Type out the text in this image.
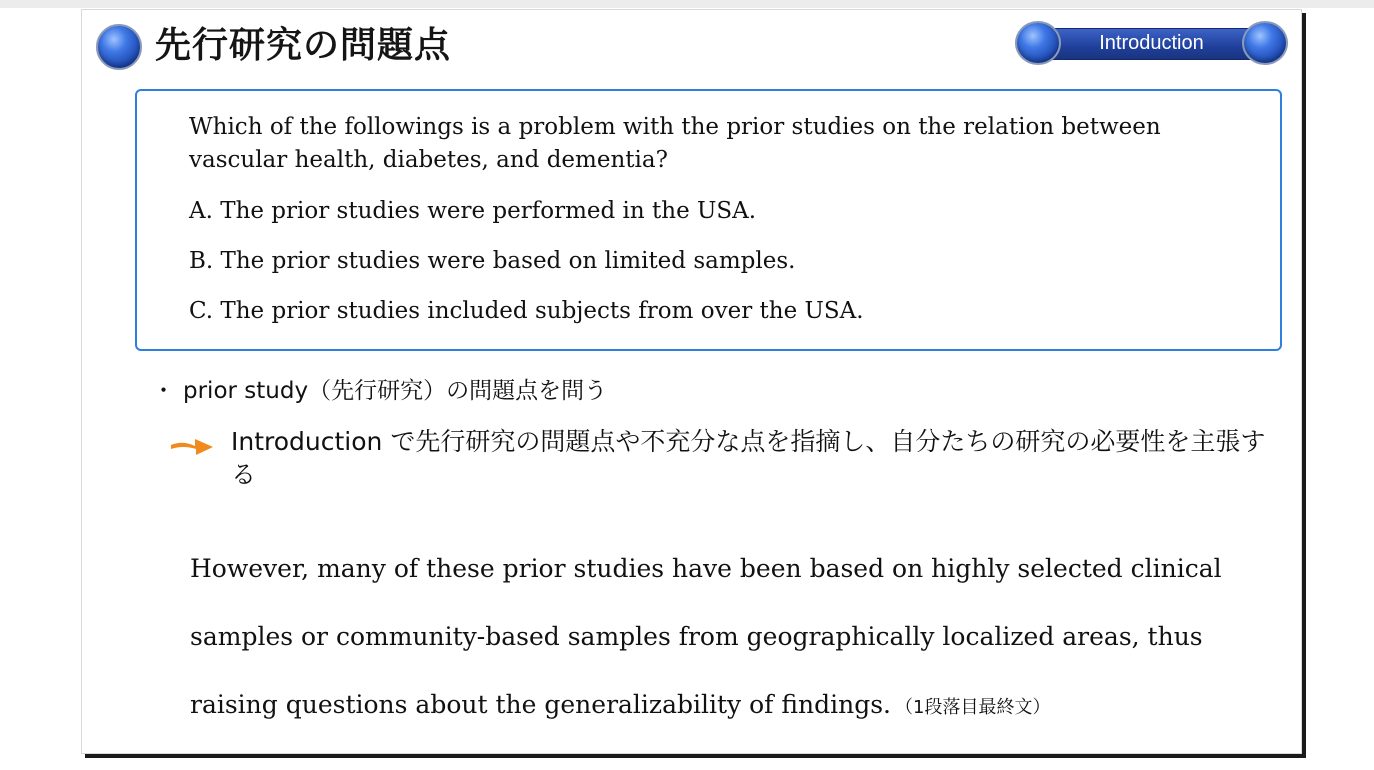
先行研究の問題点	Introduction

Which of the followings is a problem with the prior studies on the relation between vascular health, diabetes, and dementia?

A. The prior studies were performed in the USA.

B. The prior studies were based on limited samples.

C. The prior studies included subjects from over the USA.

・ prior study（先行研究）の問題点を問う

Introduction で先行研究の問題点や不充分な点を指摘し、自分たちの研究の必要性を主張する

However, many of these prior studies have been based on highly selected clinical samples or community-based samples from geographically localized areas, thus raising questions about the generalizability of findings. （1段落目最終文）
